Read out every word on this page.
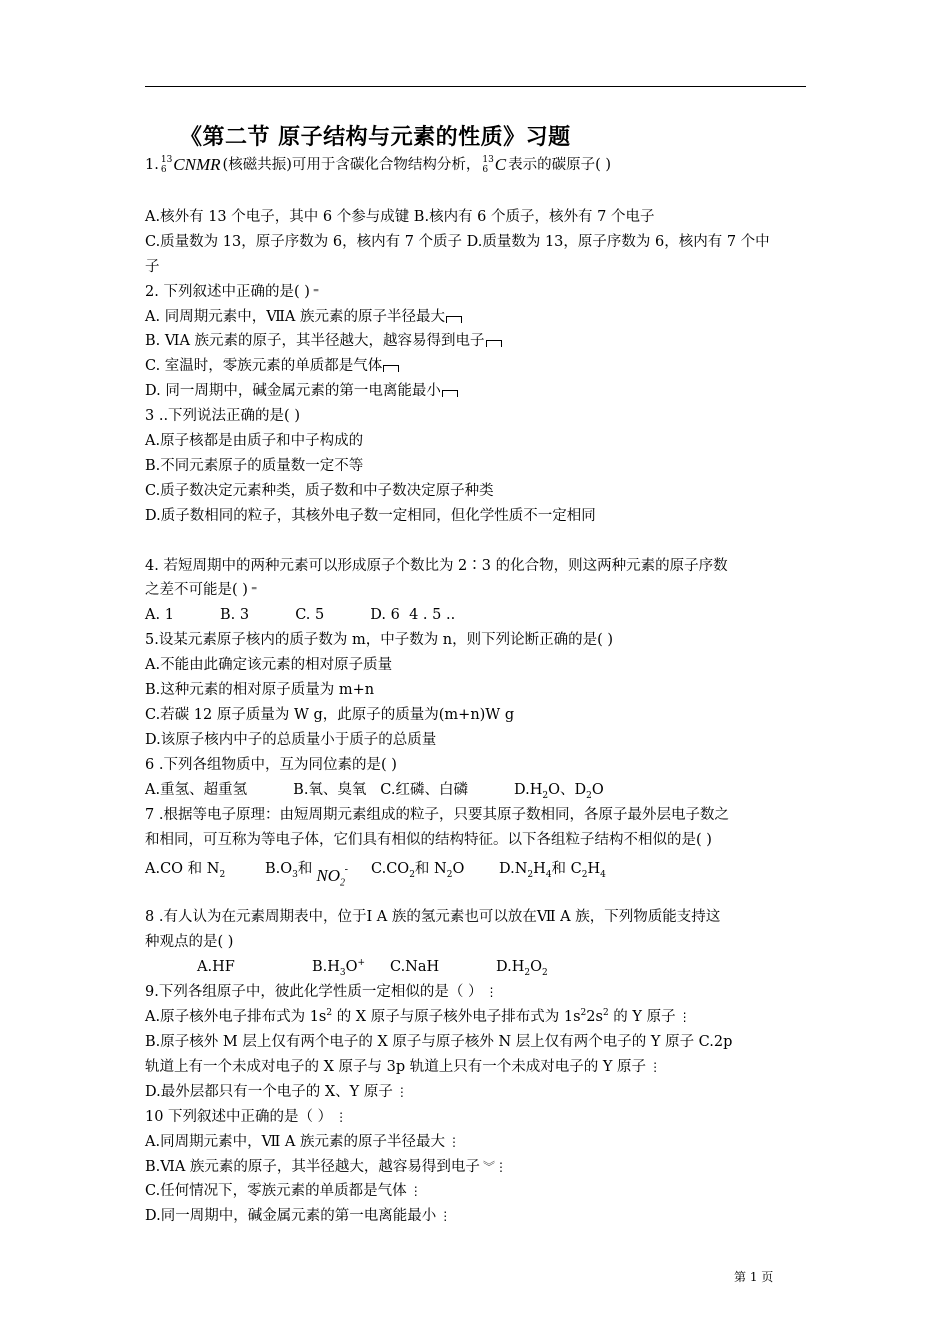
《第二节 原子结构与元素的性质》习题
1. 13
6 CNMR (核磁共振)可用于含碳化合物结构分析， 13
6 C 表示的碳原子( )
A.核外有 13 个电子，其中 6 个参与成键 B.核内有 6 个质子，核外有 7 个电子
C.质量数为 13，原子序数为 6，核内有 7 个质子 D.质量数为 13，原子序数为 6，核内有 7 个中
子
2. 下列叙述中正确的是( ) ⁼
A. 同周期元素中，ⅦA 族元素的原子半径最大
B. ⅥA 族元素的原子，其半径越大，越容易得到电子
C. 室温时，零族元素的单质都是气体
D. 同一周期中，碱金属元素的第一电离能最小
3 ..下列说法正确的是( )
A.原子核都是由质子和中子构成的
B.不同元素原子的质量数一定不等
C.质子数决定元素种类，质子数和中子数决定原子种类
D.质子数相同的粒子，其核外电子数一定相同，但化学性质不一定相同
4. 若短周期中的两种元素可以形成原子个数比为 2∶3 的化合物，则这两种元素的原子序数
之差不可能是( ) ⁼
A. 1          B. 3          C. 5          D. 6  4 . 5 ..
5.设某元素原子核内的质子数为 m，中子数为 n，则下列论断正确的是( )
A.不能由此确定该元素的相对原子质量
B.这种元素的相对原子质量为 m+n
C.若碳 12 原子质量为 W g，此原子的质量为(m+n)W g
D.该原子核内中子的总质量小于质子的总质量
6 .下列各组物质中，互为同位素的是( )
A.重氢、超重氢          B.氧、臭氧   C.红磷、白磷          $D.H_2O$、$D_2O$
7 .根据等电子原理：由短周期元素组成的粒子，只要其原子数相同，各原子最外层电子数之
和相同，可互称为等电子体，它们具有相似的结构特征。以下各组粒子结构不相似的是( )
A.CO 和 $N_2$	$B.O_3$和 $NO_2$
- $C.CO_2$和 $N_2O$ $D.N_2H_4$和 $C_2H_4$
8 .有人认为在元素周期表中，位于Ⅰ A 族的氢元素也可以放在Ⅶ A 族，下列物质能支持这
种观点的是( )
A.HF	$B.H_3O^+$ C.NaH	$D.H_2O_2$
9.下列各组原子中，彼此化学性质一定相似的是（ ） ⋮
A.原子核外电子排布式为 $1s^2$ 的 X 原子与原子核外电子排布式为 $1s^22s^2$ 的 Y 原子 ⋮
B.原子核外 M 层上仅有两个电子的 X 原子与原子核外 N 层上仅有两个电子的 Y 原子 C.2p
轨道上有一个未成对电子的 X 原子与 3p 轨道上只有一个未成对电子的 Y 原子 ⋮
D.最外层都只有一个电子的 X、Y 原子 ⋮
10 下列叙述中正确的是（ ） ⋮
A.同周期元素中，Ⅶ A 族元素的原子半径最大 ⋮
B.ⅥA 族元素的原子，其半径越大，越容易得到电子 ︾⋮
C.任何情况下，零族元素的单质都是气体 ⋮
D.同一周期中，碱金属元素的第一电离能最小 ⋮
第 1 页
